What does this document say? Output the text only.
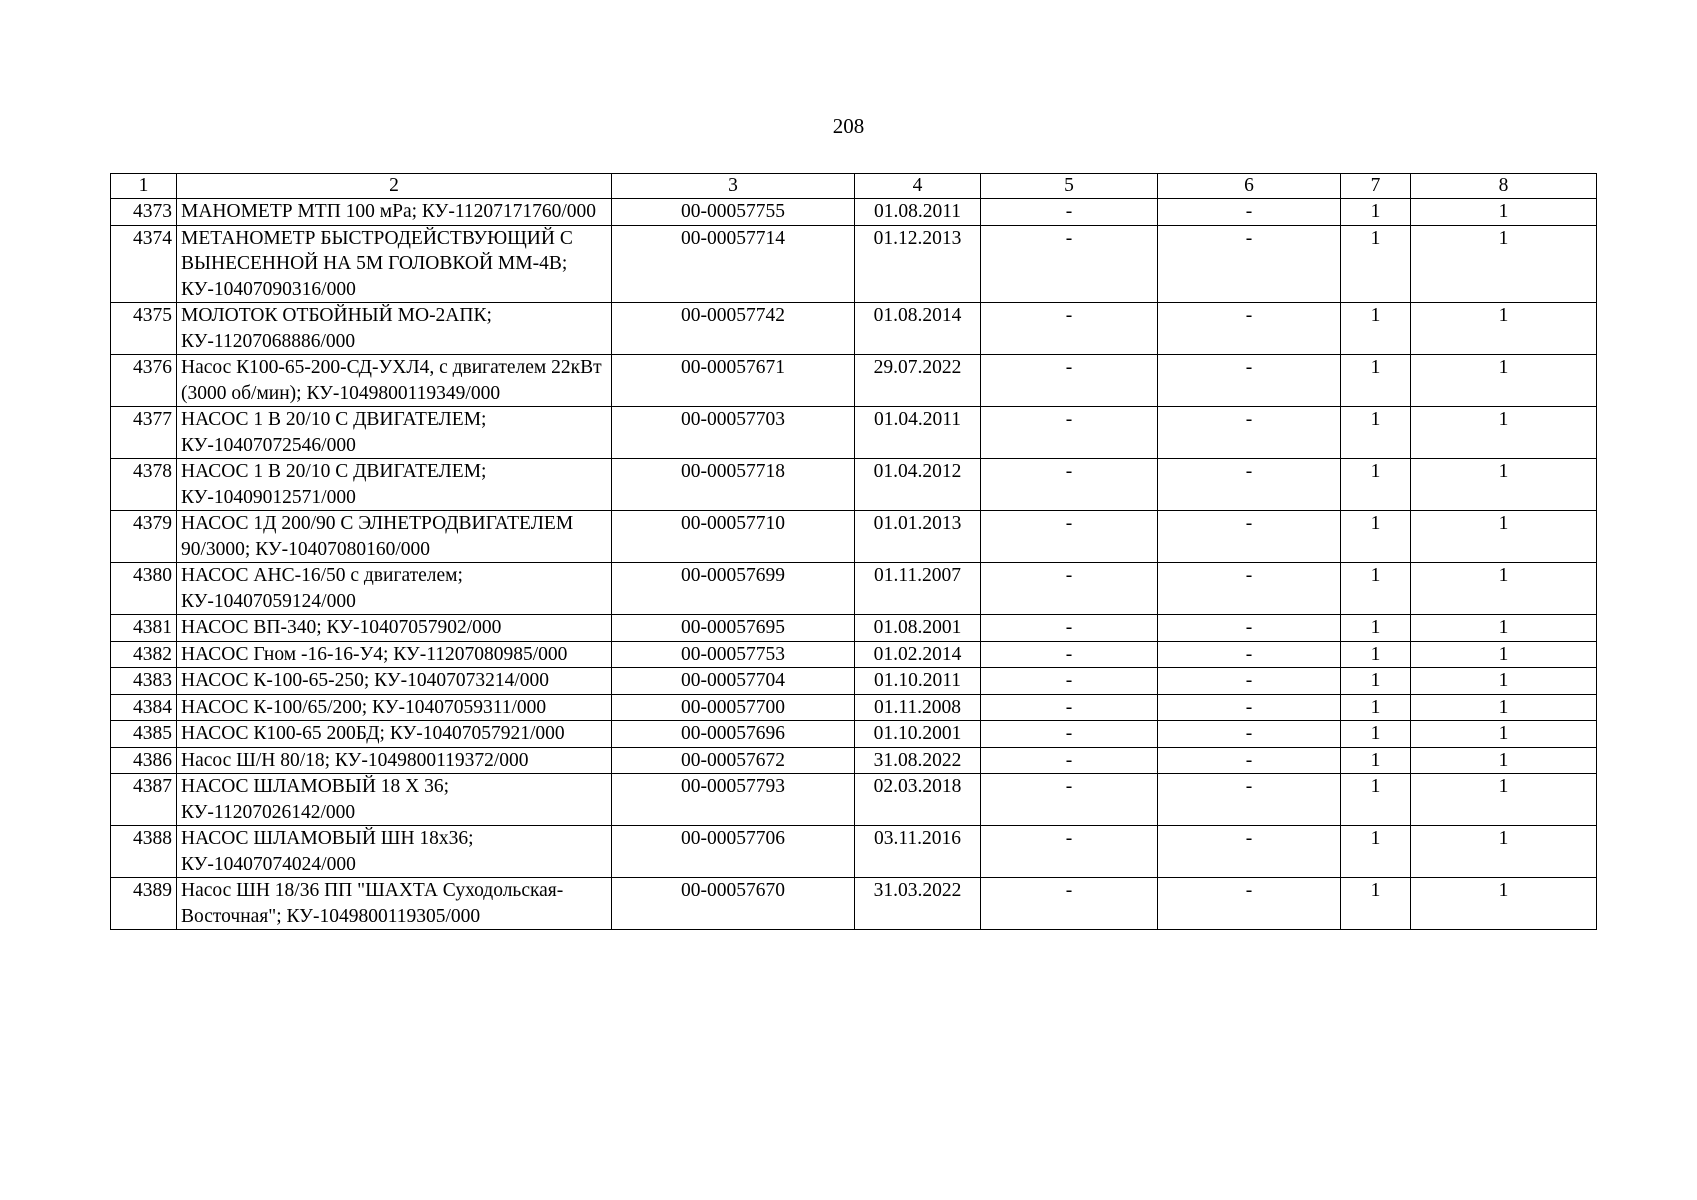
208
1	2	3	4	5	6	7	8
4373	МАНОМЕТР МТП 100 мРа; КУ-11207171760/000	00-00057755	01.08.2011	-	-	1	1
4374	МЕТАНОМЕТР БЫСТРОДЕЙСТВУЮЩИЙ С ВЫНЕСЕННОЙ НА 5М ГОЛОВКОЙ ММ-4В; КУ-10407090316/000	00-00057714	01.12.2013	-	-	1	1
4375	МОЛОТОК ОТБОЙНЫЙ МО-2АПК; КУ-11207068886/000	00-00057742	01.08.2014	-	-	1	1
4376	Насос К100-65-200-СД-УХЛ4, с двигателем 22кВт (3000 об/мин); КУ-1049800119349/000	00-00057671	29.07.2022	-	-	1	1
4377	НАСОС 1 В 20/10 С ДВИГАТЕЛЕМ; КУ-10407072546/000	00-00057703	01.04.2011	-	-	1	1
4378	НАСОС 1 В 20/10 С ДВИГАТЕЛЕМ; КУ-10409012571/000	00-00057718	01.04.2012	-	-	1	1
4379	НАСОС 1Д 200/90 С ЭЛНЕТРОДВИГАТЕЛЕМ 90/3000; КУ-10407080160/000	00-00057710	01.01.2013	-	-	1	1
4380	НАСОС АНС-16/50 с двигателем; КУ-10407059124/000	00-00057699	01.11.2007	-	-	1	1
4381	НАСОС ВП-340; КУ-10407057902/000	00-00057695	01.08.2001	-	-	1	1
4382	НАСОС Гном -16-16-У4; КУ-11207080985/000	00-00057753	01.02.2014	-	-	1	1
4383	НАСОС К-100-65-250; КУ-10407073214/000	00-00057704	01.10.2011	-	-	1	1
4384	НАСОС К-100/65/200; КУ-10407059311/000	00-00057700	01.11.2008	-	-	1	1
4385	НАСОС К100-65 200БД; КУ-10407057921/000	00-00057696	01.10.2001	-	-	1	1
4386	Насос Ш/Н 80/18; КУ-1049800119372/000	00-00057672	31.08.2022	-	-	1	1
4387	НАСОС ШЛАМОВЫЙ 18 Х 36; КУ-11207026142/000	00-00057793	02.03.2018	-	-	1	1
4388	НАСОС ШЛАМОВЫЙ ШН 18х36; КУ-10407074024/000	00-00057706	03.11.2016	-	-	1	1
4389	Насос ШН 18/36 ПП "ШАХТА Суходольская-Восточная"; КУ-1049800119305/000	00-00057670	31.03.2022	-	-	1	1
